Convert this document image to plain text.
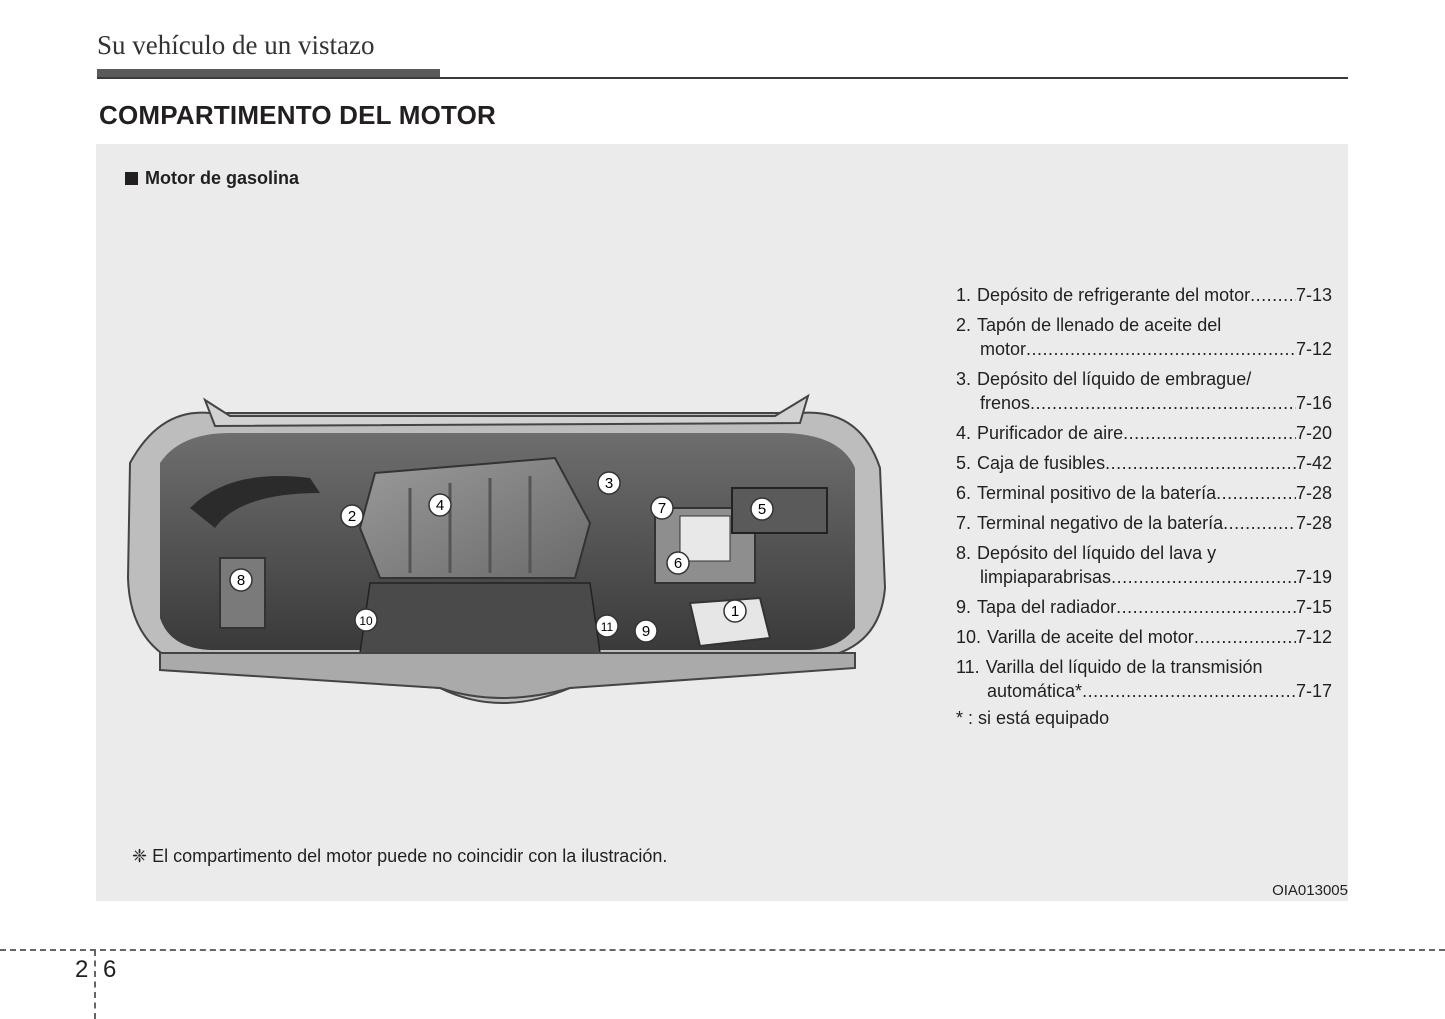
Su vehículo de un vistazo
COMPARTIMENTO DEL MOTOR
Motor de gasolina
1
2
3
4	5
6
7
8
9
10	11
1. Depósito de refrigerante del motor .....	7-13
2. Tapón de llenado de aceite del
motor .....	7-12
3. Depósito del líquido de embrague/
frenos .....	7-16
4. Purificador de aire .....	7-20
5. Caja de fusibles .....	7-42
6. Terminal positivo de la batería .....	7-28
7. Terminal negativo de la batería .....	7-28
8. Depósito del líquido del lava y
limpiaparabrisas .....	7-19
9. Tapa del radiador .....	7-15
10. Varilla de aceite del motor .....	7-12
11. Varilla del líquido de la transmisión
automática* .....	7-17
* : si está equipado
❈ El compartimento del motor puede no coincidir con la ilustración.
OIA013005
2 6
